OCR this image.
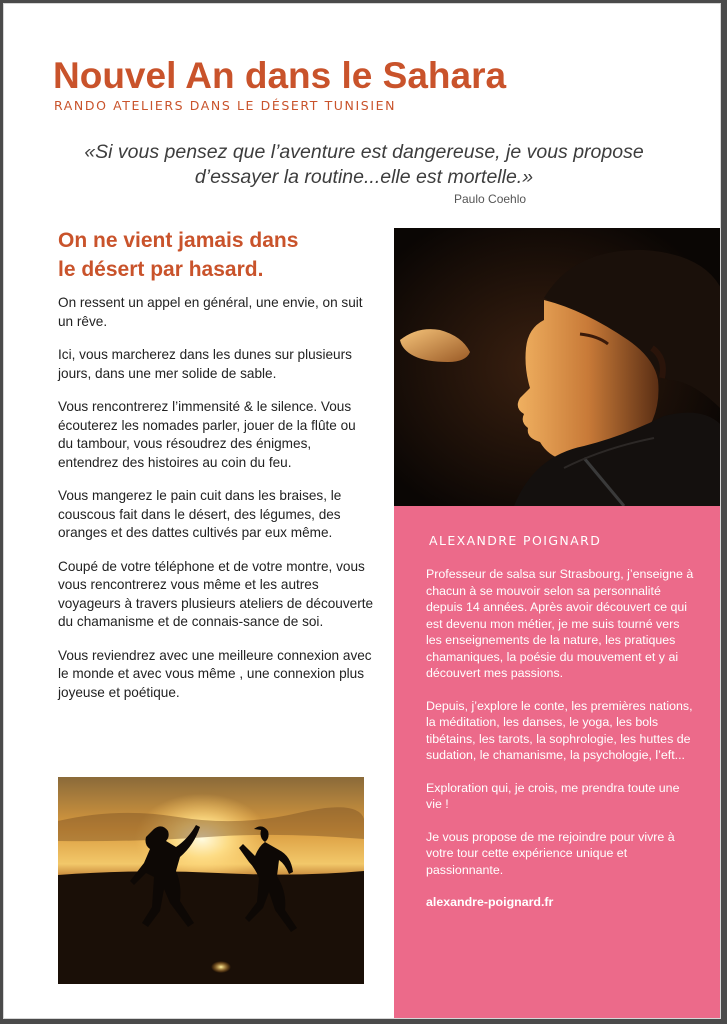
Nouvel An dans le Sahara
RANDO ATELIERS DANS LE DÉSERT TUNISIEN
«Si vous pensez que l’aventure est dangereuse, je vous propose
d’essayer la routine...elle est mortelle.»
Paulo Coehlo
On ne vient jamais dans
le désert par hasard.

On ressent un appel en général, une envie, on suit un rêve.

Ici, vous marcherez dans les dunes sur plusieurs jours, dans une mer solide de sable.

Vous rencontrerez l’immensité & le silence. Vous écouterez les nomades parler, jouer de la flûte ou du tambour, vous résoudrez des énigmes, entendrez des histoires au coin du feu.

Vous mangerez le pain cuit dans les braises, le couscous fait dans le désert, des légumes, des oranges et des dattes cultivés par eux même.

Coupé de votre téléphone et de votre montre, vous vous rencontrerez vous même et les autres voyageurs à travers plusieurs ateliers de découverte du chamanisme et de connais-sance de soi.

Vous reviendrez avec une meilleure connexion avec le monde et avec vous même , une connexion plus joyeuse et poétique.

ALEXANDRE POIGNARD

Professeur de salsa sur Strasbourg, j’enseigne à chacun à se mouvoir selon sa personnalité depuis 14 années. Après avoir découvert ce qui est devenu mon métier, je me suis tourné vers les enseignements de la nature, les pratiques chamaniques, la poésie du mouvement et y ai découvert mes passions.

Depuis, j’explore le conte, les premières nations, la méditation, les danses, le yoga, les bols tibétains, les tarots, la sophrologie, les huttes de sudation, le chamanisme, la psychologie, l’eft...

Exploration qui, je crois, me prendra toute une vie !

Je vous propose de me rejoindre pour vivre à votre tour cette expérience unique et passionnante.

alexandre-poignard.fr
